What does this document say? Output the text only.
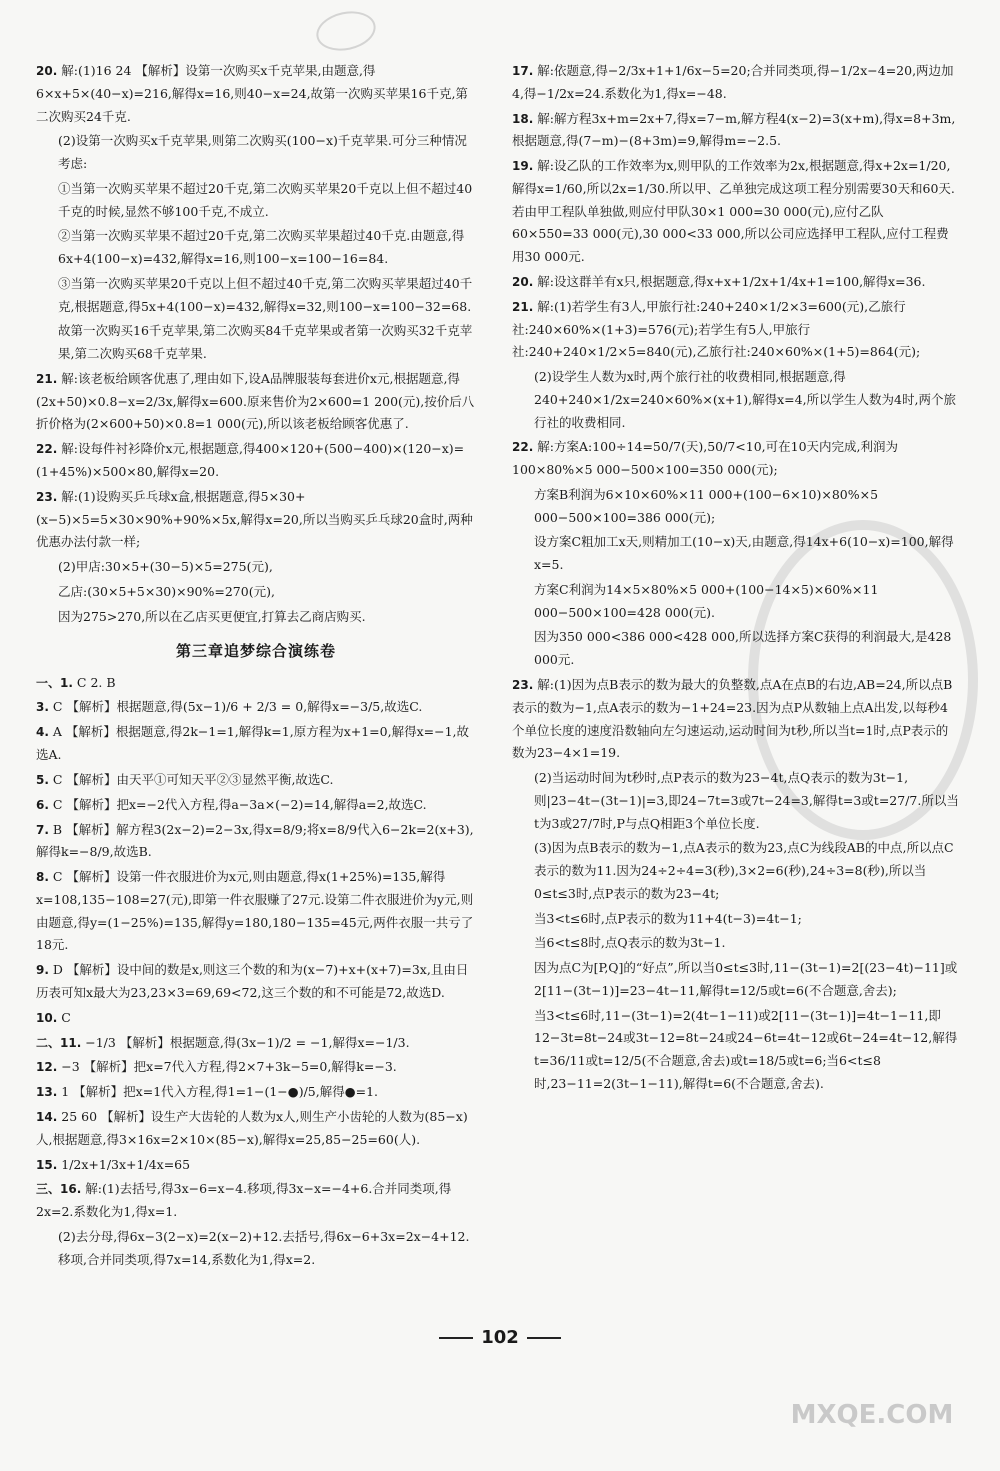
20. 解:(1)16 24 【解析】设第一次购买x千克苹果,由题意,得6×x+5×(40−x)=216,解得x=16,则40−x=24,故第一次购买苹果16千克,第二次购买24千克.
(2)设第一次购买x千克苹果,则第二次购买(100−x)千克苹果.可分三种情况考虑:
①当第一次购买苹果不超过20千克,第二次购买苹果20千克以上但不超过40千克的时候,显然不够100千克,不成立.
②当第一次购买苹果不超过20千克,第二次购买苹果超过40千克.由题意,得6x+4(100−x)=432,解得x=16,则100−x=100−16=84.
③当第一次购买苹果20千克以上但不超过40千克,第二次购买苹果超过40千克,根据题意,得5x+4(100−x)=432,解得x=32,则100−x=100−32=68.
故第一次购买16千克苹果,第二次购买84千克苹果或者第一次购买32千克苹果,第二次购买68千克苹果.
21. 解:该老板给顾客优惠了,理由如下,设A品牌服装每套进价x元,根据题意,得(2x+50)×0.8−x=2/3x,解得x=600.原来售价为2×600=1 200(元),按价后八折价格为(2×600+50)×0.8=1 000(元),所以该老板给顾客优惠了.
22. 解:设每件衬衫降价x元,根据题意,得400×120+(500−400)×(120−x)=(1+45%)×500×80,解得x=20.
23. 解:(1)设购买乒乓球x盒,根据题意,得5×30+(x−5)×5=5×30×90%+90%×5x,解得x=20,所以当购买乒乓球20盒时,两种优惠办法付款一样;
(2)甲店:30×5+(30−5)×5=275(元),
乙店:(30×5+5×30)×90%=270(元),
因为275>270,所以在乙店买更便宜,打算去乙商店购买.
第三章追梦综合演练卷
一、1. C 2. B
3. C 【解析】根据题意,得(5x−1)/6 + 2/3 = 0,解得x=−3/5,故选C.
4. A 【解析】根据题意,得2k−1=1,解得k=1,原方程为x+1=0,解得x=−1,故选A.
5. C 【解析】由天平①可知天平②③显然平衡,故选C.
6. C 【解析】把x=−2代入方程,得a−3a×(−2)=14,解得a=2,故选C.
7. B 【解析】解方程3(2x−2)=2−3x,得x=8/9;将x=8/9代入6−2k=2(x+3),解得k=−8/9,故选B.
8. C 【解析】设第一件衣服进价为x元,则由题意,得x(1+25%)=135,解得x=108,135−108=27(元),即第一件衣服赚了27元.设第二件衣服进价为y元,则由题意,得y=(1−25%)=135,解得y=180,180−135=45元,两件衣服一共亏了18元.
9. D 【解析】设中间的数是x,则这三个数的和为(x−7)+x+(x+7)=3x,且由日历表可知x最大为23,23×3=69,69<72,这三个数的和不可能是72,故选D.
10. C
二、11. −1/3 【解析】根据题意,得(3x−1)/2 = −1,解得x=−1/3.
12. −3 【解析】把x=7代入方程,得2×7+3k−5=0,解得k=−3.
13. 1 【解析】把x=1代入方程,得1=1−(1−●)/5,解得●=1.
14. 25 60 【解析】设生产大齿轮的人数为x人,则生产小齿轮的人数为(85−x)人,根据题意,得3×16x=2×10×(85−x),解得x=25,85−25=60(人).
15. 1/2x+1/3x+1/4x=65
三、16. 解:(1)去括号,得3x−6=x−4.移项,得3x−x=−4+6.合并同类项,得2x=2.系数化为1,得x=1.
(2)去分母,得6x−3(2−x)=2(x−2)+12.去括号,得6x−6+3x=2x−4+12.移项,合并同类项,得7x=14,系数化为1,得x=2.
17. 解:依题意,得−2/3x+1+1/6x−5=20;合并同类项,得−1/2x−4=20,两边加4,得−1/2x=24.系数化为1,得x=−48.
18. 解:解方程3x+m=2x+7,得x=7−m,解方程4(x−2)=3(x+m),得x=8+3m,根据题意,得(7−m)−(8+3m)=9,解得m=−2.5.
19. 解:设乙队的工作效率为x,则甲队的工作效率为2x,根据题意,得x+2x=1/20,解得x=1/60,所以2x=1/30.所以甲、乙单独完成这项工程分别需要30天和60天.若由甲工程队单独做,则应付甲队30×1 000=30 000(元),应付乙队60×550=33 000(元),30 000<33 000,所以公司应选择甲工程队,应付工程费用30 000元.
20. 解:设这群羊有x只,根据题意,得x+x+1/2x+1/4x+1=100,解得x=36.
21. 解:(1)若学生有3人,甲旅行社:240+240×1/2×3=600(元),乙旅行社:240×60%×(1+3)=576(元);若学生有5人,甲旅行社:240+240×1/2×5=840(元),乙旅行社:240×60%×(1+5)=864(元);
(2)设学生人数为x时,两个旅行社的收费相同,根据题意,得240+240×1/2x=240×60%×(x+1),解得x=4,所以学生人数为4时,两个旅行社的收费相同.
22. 解:方案A:100÷14=50/7(天),50/7<10,可在10天内完成,利润为100×80%×5 000−500×100=350 000(元);
方案B利润为6×10×60%×11 000+(100−6×10)×80%×5 000−500×100=386 000(元);
设方案C粗加工x天,则精加工(10−x)天,由题意,得14x+6(10−x)=100,解得x=5.
方案C利润为14×5×80%×5 000+(100−14×5)×60%×11 000−500×100=428 000(元).
因为350 000<386 000<428 000,所以选择方案C获得的利润最大,是428 000元.
23. 解:(1)因为点B表示的数为最大的负整数,点A在点B的右边,AB=24,所以点B表示的数为−1,点A表示的数为−1+24=23.因为点P从数轴上点A出发,以每秒4个单位长度的速度沿数轴向左匀速运动,运动时间为t秒,所以当t=1时,点P表示的数为23−4×1=19.
(2)当运动时间为t秒时,点P表示的数为23−4t,点Q表示的数为3t−1,则|23−4t−(3t−1)|=3,即24−7t=3或7t−24=3,解得t=3或t=27/7.所以当t为3或27/7时,P与点Q相距3个单位长度.
(3)因为点B表示的数为−1,点A表示的数为23,点C为线段AB的中点,所以点C表示的数为11.因为24÷2÷4=3(秒),3×2=6(秒),24÷3=8(秒),所以当0≤t≤3时,点P表示的数为23−4t;
当3<t≤6时,点P表示的数为11+4(t−3)=4t−1;
当6<t≤8时,点Q表示的数为3t−1.
因为点C为[P,Q]的“好点”,所以当0≤t≤3时,11−(3t−1)=2[(23−4t)−11]或2[11−(3t−1)]=23−4t−11,解得t=12/5或t=6(不合题意,舍去);
当3<t≤6时,11−(3t−1)=2(4t−1−11)或2[11−(3t−1)]=4t−1−11,即12−3t=8t−24或3t−12=8t−24或24−6t=4t−12或6t−24=4t−12,解得t=36/11或t=12/5(不合题意,舍去)或t=18/5或t=6;当6<t≤8时,23−11=2(3t−1−11),解得t=6(不合题意,舍去).
102
MXQE.COM
